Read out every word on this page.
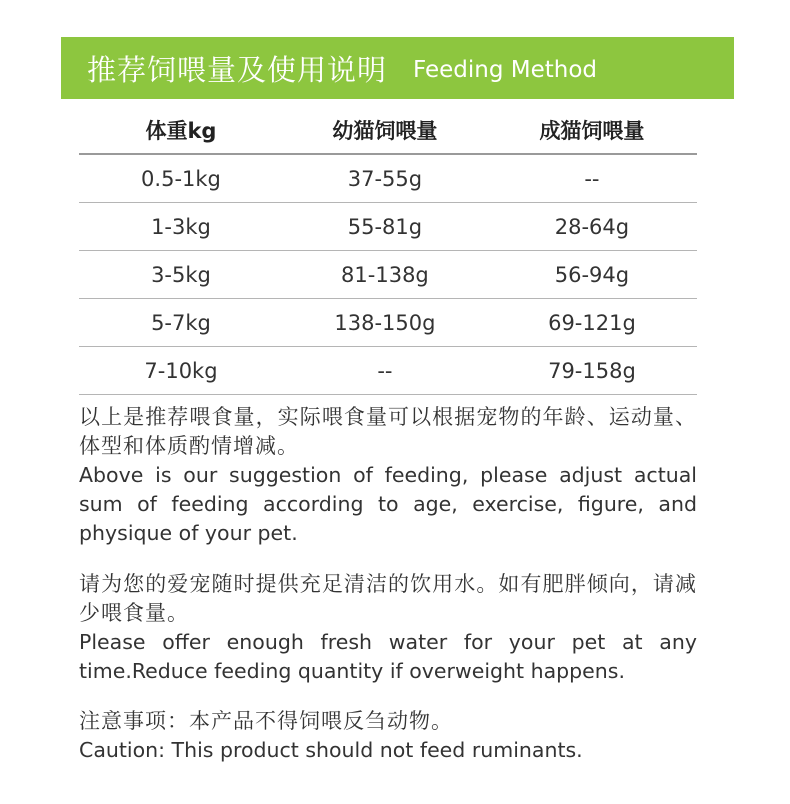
推荐饲喂量及使用说明 Feeding Method
体重kg	幼猫饲喂量	成猫饲喂量
0.5-1kg	37-55g	--
1-3kg	55-81g	28-64g
3-5kg	81-138g	56-94g
5-7kg	138-150g	69-121g
7-10kg	--	79-158g
以上是推荐喂食量，实际喂食量可以根据宠物的年龄、运动量、体型和体质酌情增减。
Above is our suggestion of feeding, please adjust actual sum of feeding according to age, exercise, figure, and physique of your pet.
请为您的爱宠随时提供充足清洁的饮用水。如有肥胖倾向，请减少喂食量。
Please offer enough fresh water for your pet at any time.Reduce feeding quantity if overweight happens.
注意事项：本产品不得饲喂反刍动物。
Caution: This product should not feed ruminants.
